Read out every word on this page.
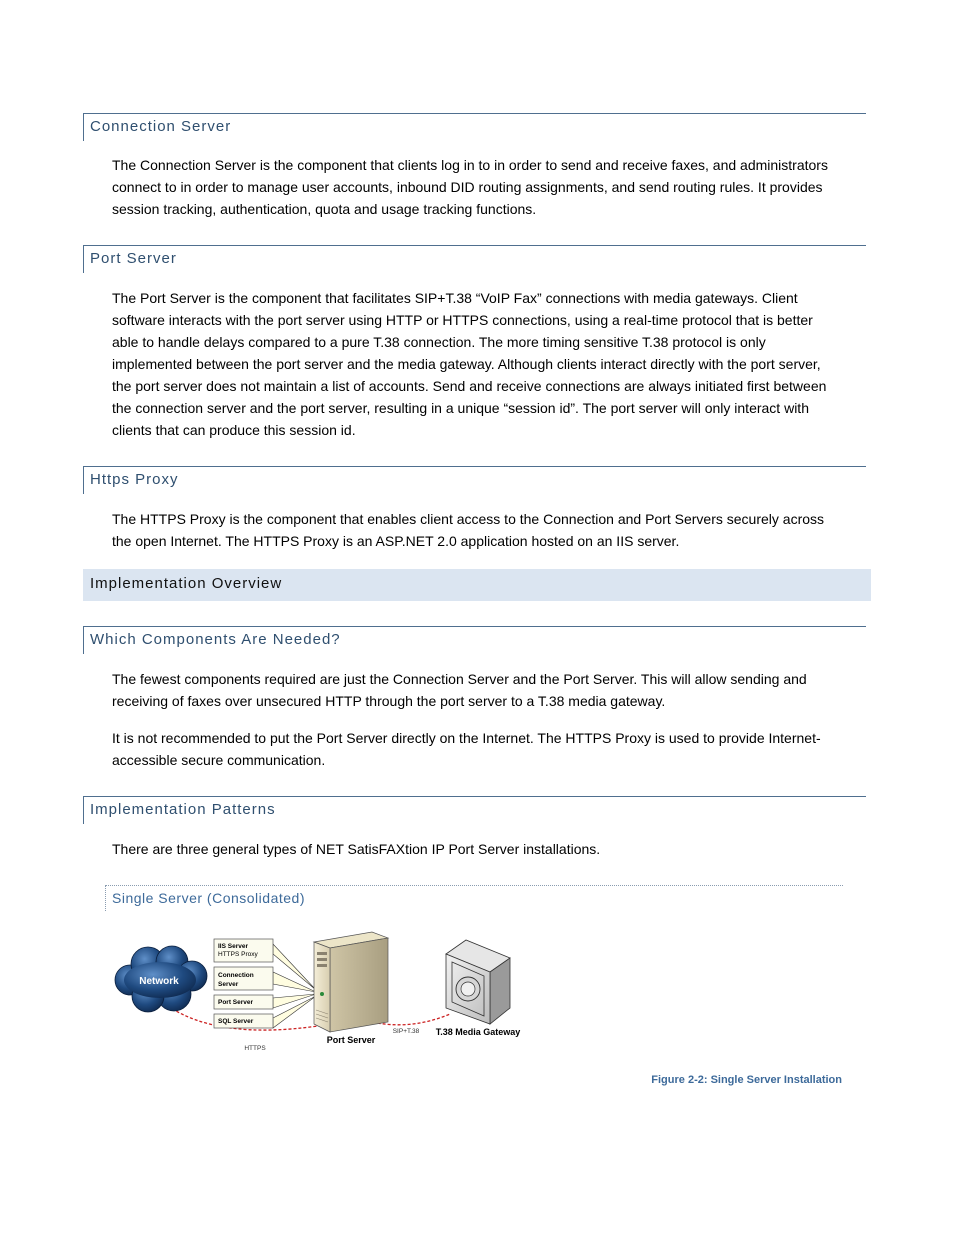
Connection Server
The Connection Server is the component that clients log in to in order to send and receive faxes, and administrators connect to in order to manage user accounts, inbound DID routing assignments, and send routing rules. It provides session tracking, authentication, quota and usage tracking functions.
Port Server
The Port Server is the component that facilitates SIP+T.38 “VoIP Fax” connections with media gateways. Client software interacts with the port server using HTTP or HTTPS connections, using a real-time protocol that is better able to handle delays compared to a pure T.38 connection. The more timing sensitive T.38 protocol is only implemented between the port server and the media gateway. Although clients interact directly with the port server, the port server does not maintain a list of accounts. Send and receive connections are always initiated first between the connection server and the port server, resulting in a unique “session id”. The port server will only interact with clients that can produce this session id.
Https Proxy
The HTTPS Proxy is the component that enables client access to the Connection and Port Servers securely across the open Internet. The HTTPS Proxy is an ASP.NET 2.0 application hosted on an IIS server.
Implementation Overview
Which Components Are Needed?
The fewest components required are just the Connection Server and the Port Server. This will allow sending and receiving of faxes over unsecured HTTP through the port server to a T.38 media gateway.
It is not recommended to put the Port Server directly on the Internet. The HTTPS Proxy is used to provide Internet-accessible secure communication.
Implementation Patterns
There are three general types of NET SatisFAXtion IP Port Server installations.
Single Server (Consolidated)
Network
IIS Server
HTTPS Proxy
Connection
Server
Port Server
SQL Server
Port Server
T.38 Media Gateway
HTTPS
SIP+T.38
Figure 2-2: Single Server Installation
